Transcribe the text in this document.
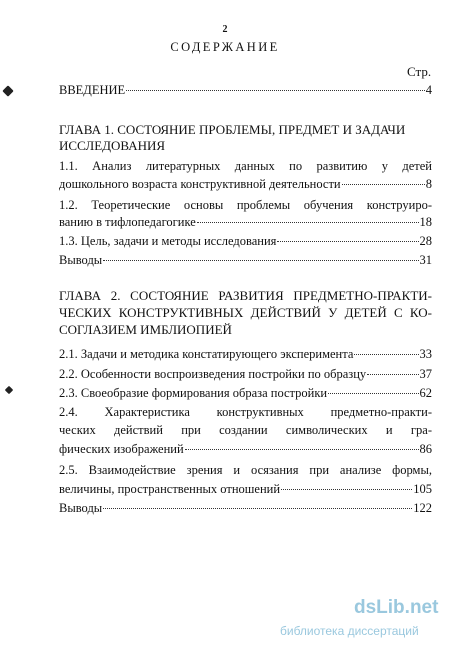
2
СОДЕРЖАНИЕ
Стр.
ВВЕДЕНИЕ	4
ГЛАВА 1. СОСТОЯНИЕ ПРОБЛЕМЫ, ПРЕДМЕТ И ЗАДАЧИ
ИССЛЕДОВАНИЯ
1.1. Анализ литературных данных по развитию у детей
дошкольного возраста конструктивной деятельности	8
1.2. Теоретические основы проблемы обучения конструиро-
ванию в тифлопедагогике	18
1.3. Цель, задачи и методы исследования	28
Выводы	31
ГЛАВА 2. СОСТОЯНИЕ РАЗВИТИЯ ПРЕДМЕТНО-ПРАКТИ-
ЧЕСКИХ КОНСТРУКТИВНЫХ ДЕЙСТВИЙ У ДЕТЕЙ С КО-
СОГЛАЗИЕМ ИМБЛИОПИЕЙ
2.1. Задачи и методика констатирующего эксперимента	33
2.2. Особенности воспроизведения постройки по образцу	37
2.3. Своеобразие формирования образа постройки	62
2.4. Характеристика конструктивных предметно-практи-
ческих действий при создании символических и гра-
фических изображений	86
2.5. Взаимодействие зрения и осязания при анализе формы,
величины, пространственных отношений	105
Выводы	122
dsLib.net
библиотека диссертаций
